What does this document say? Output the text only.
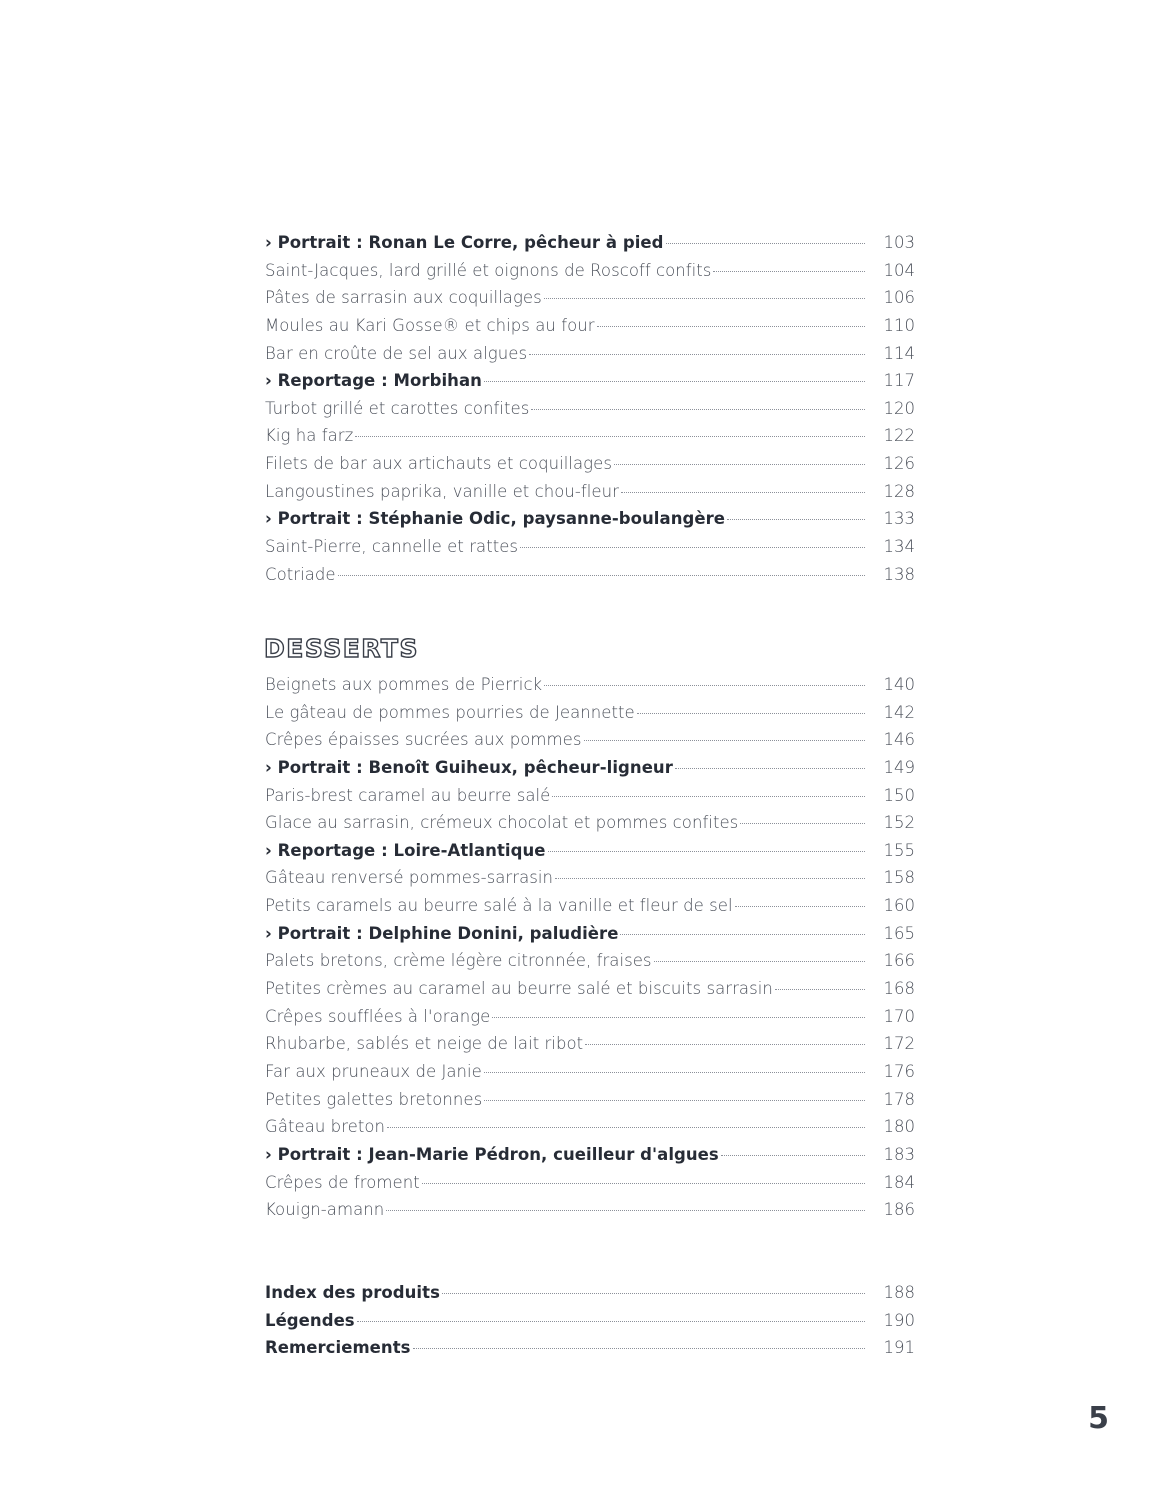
› Portrait : Ronan Le Corre, pêcheur à pied	103
Saint-Jacques, lard grillé et oignons de Roscoff confits	104
Pâtes de sarrasin aux coquillages	106
Moules au Kari Gosse® et chips au four	110
Bar en croûte de sel aux algues	114
› Reportage : Morbihan	117
Turbot grillé et carottes confites	120
Kig ha farz	122
Filets de bar aux artichauts et coquillages	126
Langoustines paprika, vanille et chou-fleur	128
› Portrait : Stéphanie Odic, paysanne-boulangère	133
Saint-Pierre, cannelle et rattes	134
Cotriade	138
DESSERTS
Beignets aux pommes de Pierrick	140
Le gâteau de pommes pourries de Jeannette	142
Crêpes épaisses sucrées aux pommes	146
› Portrait : Benoît Guiheux, pêcheur-ligneur	149
Paris-brest caramel au beurre salé	150
Glace au sarrasin, crémeux chocolat et pommes confites	152
› Reportage : Loire-Atlantique	155
Gâteau renversé pommes-sarrasin	158
Petits caramels au beurre salé à la vanille et fleur de sel	160
› Portrait : Delphine Donini, paludière	165
Palets bretons, crème légère citronnée, fraises	166
Petites crèmes au caramel au beurre salé et biscuits sarrasin	168
Crêpes soufflées à l'orange	170
Rhubarbe, sablés et neige de lait ribot	172
Far aux pruneaux de Janie	176
Petites galettes bretonnes	178
Gâteau breton	180
› Portrait : Jean-Marie Pédron, cueilleur d'algues	183
Crêpes de froment	184
Kouign-amann	186
Index des produits	188
Légendes	190
Remerciements	191
5
